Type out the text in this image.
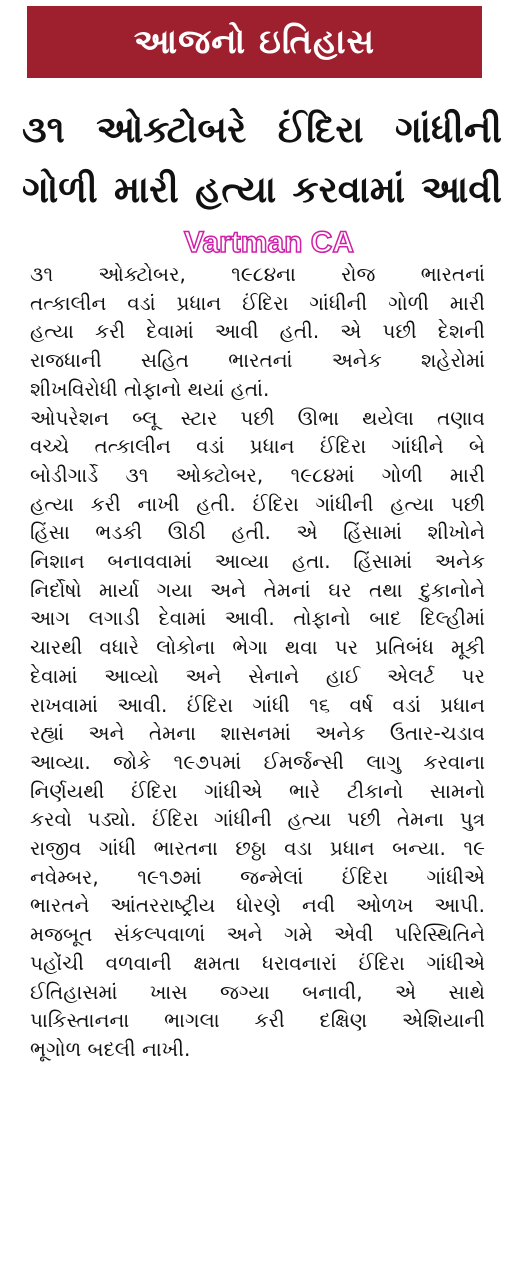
આજનો ઇતિહાસ
૩૧ ઓક્ટોબરે ઈંદિરા ગાંધીની
ગોળી મારી હત્યા કરવામાં આવી
Vartman CA
૩૧ ઓક્ટોબર, ૧૯૮૪ના રોજ ભારતનાં
તત્કાલીન વડાં પ્રધાન ઈંદિરા ગાંધીની ગોળી મારી
હત્યા કરી દેવામાં આવી હતી. એ પછી દેશની
રાજધાની સહિત ભારતનાં અનેક શહેરોમાં
શીખવિરોધી તોફાનો થયાં હતાં.
ઓપરેશન બ્લૂ સ્ટાર પછી ઊભા થયેલા તણાવ
વચ્ચે તત્કાલીન વડાં પ્રધાન ઈંદિરા ગાંધીને બે
બોડીગાર્ડે ૩૧ ઓક્ટોબર, ૧૯૮૪માં ગોળી મારી
હત્યા કરી નાખી હતી. ઈંદિરા ગાંધીની હત્યા પછી
હિંસા ભડકી ઊઠી હતી. એ હિંસામાં શીખોને
નિશાન બનાવવામાં આવ્યા હતા. હિંસામાં અનેક
નિર્દોષો માર્યા ગયા અને તેમનાં ઘર તથા દુકાનોને
આગ લગાડી દેવામાં આવી. તોફાનો બાદ દિલ્હીમાં
ચારથી વધારે લોકોના ભેગા થવા પર પ્રતિબંધ મૂકી
દેવામાં આવ્યો અને સેનાને હાઈ એલર્ટ પર
રાખવામાં આવી. ઈંદિરા ગાંધી ૧૬ વર્ષ વડાં પ્રધાન
રહ્યાં અને તેમના શાસનમાં અનેક ઉતાર-ચડાવ
આવ્યા. જોકે ૧૯૭૫માં ઈમર્જન્સી લાગુ કરવાના
નિર્ણયથી ઈંદિરા ગાંધીએ ભારે ટીકાનો સામનો
કરવો પડ્યો. ઈંદિરા ગાંધીની હત્યા પછી તેમના પુત્ર
રાજીવ ગાંધી ભારતના છઠ્ઠા વડા પ્રધાન બન્યા. ૧૯
નવેમ્બર, ૧૯૧૭માં જન્મેલાં ઈંદિરા ગાંધીએ
ભારતને આંતરરાષ્ટ્રીય ધોરણે નવી ઓળખ આપી.
મજબૂત સંકલ્પવાળાં અને ગમે એવી પરિસ્થિતિને
પહોંચી વળવાની ક્ષમતા ધરાવનારાં ઈંદિરા ગાંધીએ
ઈતિહાસમાં ખાસ જગ્યા બનાવી, એ સાથે
પાકિસ્તાનના ભાગલા કરી દક્ષિણ એશિયાની
ભૂગોળ બદલી નાખી.
